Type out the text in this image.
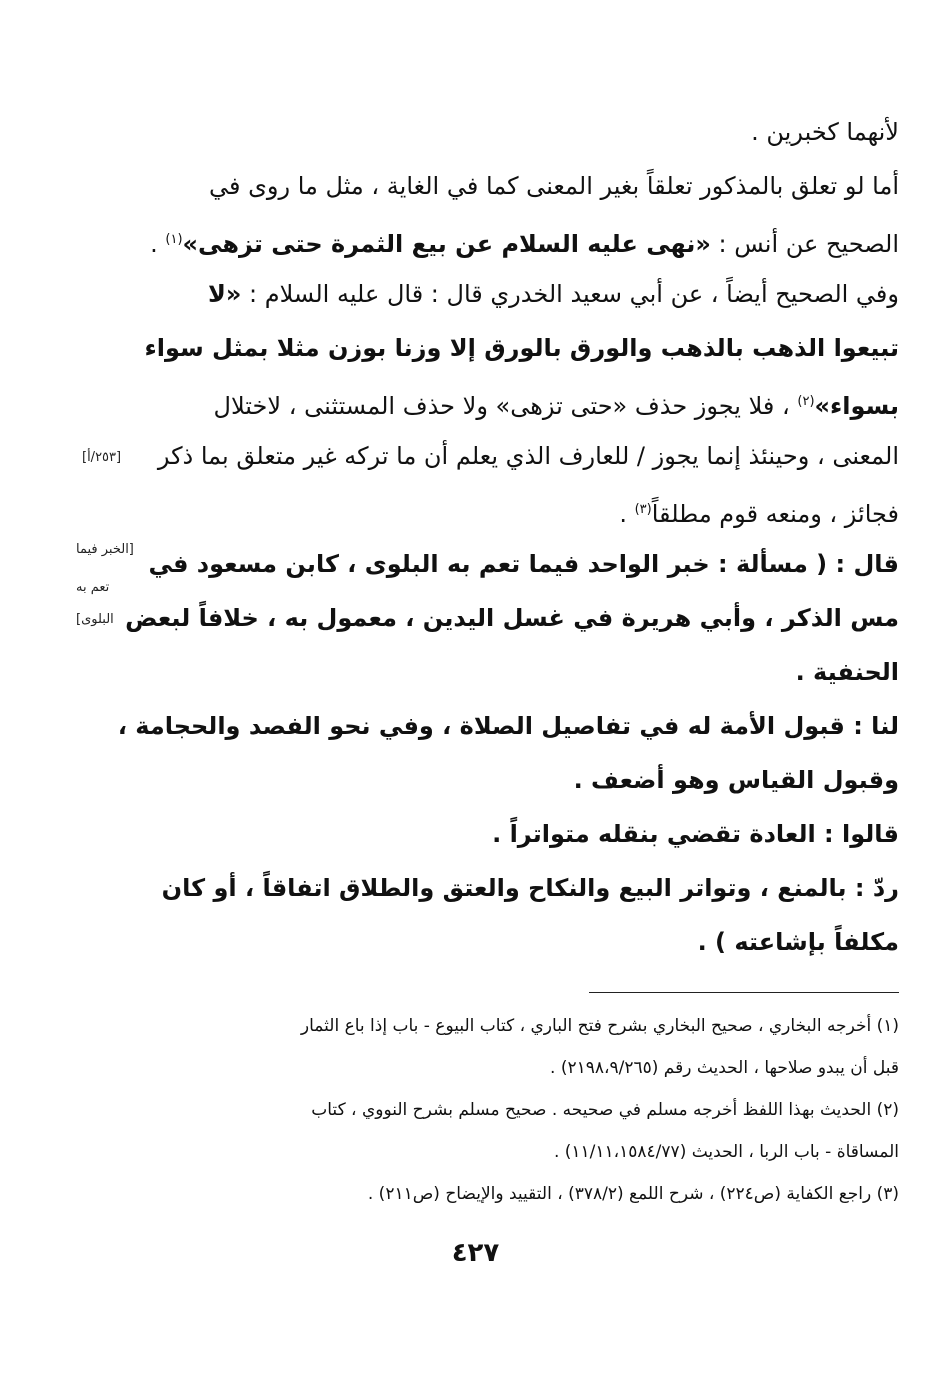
لأنهما كخبرين .
أما لو تعلق بالمذكور تعلقاً بغير المعنى كما في الغاية ، مثل ما روى في
الصحيح عن أنس : «نهى عليه السلام عن بيع الثمرة حتى تزهى»$^{(١)}$ .
وفي الصحيح أيضاً ، عن أبي سعيد الخدري قال : قال عليه السلام : «لا
تبيعوا الذهب بالذهب والورق بالورق إلا وزنا بوزن مثلا بمثل سواء
بسواء»$^{(٢)}$ ، فلا يجوز حذف «حتى تزهى» ولا حذف المستثنى ، لاختلال
المعنى ، وحينئذ إنما يجوز / للعارف الذي يعلم أن ما تركه غير متعلق بما ذكر
فجائز ، ومنعه قوم مطلقاً$^{(٣)}$ .
قال : ( مسألة : خبر الواحد فيما تعم به البلوى ، كابن مسعود في
مس الذكر ، وأبي هريرة في غسل اليدين ، معمول به ، خلافاً لبعض
الحنفية .
لنا : قبول الأمة له في تفاصيل الصلاة ، وفي نحو الفصد والحجامة ،
وقبول القياس وهو أضعف .
قالوا : العادة تقضي بنقله متواتراً .
ردّ : بالمنع ، وتواتر البيع والنكاح والعتق والطلاق اتفاقاً ، أو كان
مكلفاً بإشاعته ) .
[٢٥٣/أ]
[الخبر فيما
تعم به
البلوى]
(١) أخرجه البخاري ، صحيح البخاري بشرح فتح الباري ، كتاب البيوع - باب إذا باع الثمار
قبل أن يبدو صلاحها ، الحديث رقم (٢١٩٨،٩/٢٦٥) .
(٢) الحديث بهذا اللفظ أخرجه مسلم في صحيحه . صحيح مسلم بشرح النووي ، كتاب
المساقاة - باب الربا ، الحديث (١١/١١،١٥٨٤/٧٧) .
(٣) راجع الكفاية (ص٢٢٤) ، شرح اللمع (٣٧٨/٢) ، التقييد والإيضاح (ص٢١١) .
٤٢٧
